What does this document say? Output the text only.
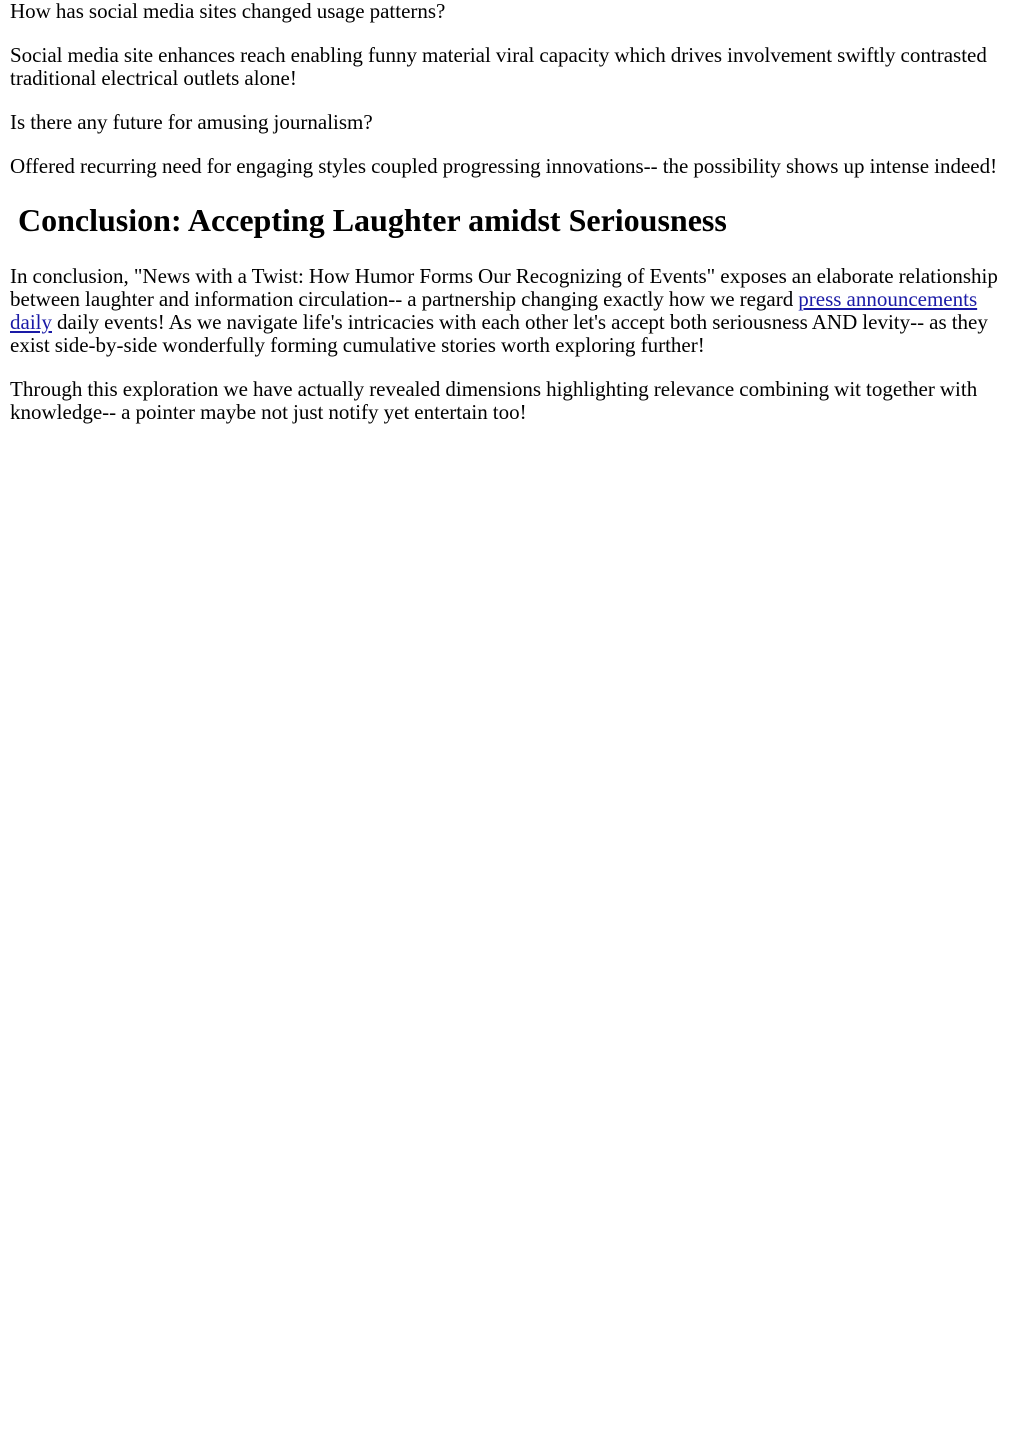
How has social media sites changed usage patterns?

Social media site enhances reach enabling funny material viral capacity which drives involvement swiftly contrasted traditional electrical outlets alone!

Is there any future for amusing journalism?

Offered recurring need for engaging styles coupled progressing innovations-- the possibility shows up intense indeed!

Conclusion: Accepting Laughter amidst Seriousness

In conclusion, "News with a Twist: How Humor Forms Our Recognizing of Events" exposes an elaborate relationship between laughter and information circulation-- a partnership changing exactly how we regard press announcements daily daily events! As we navigate life's intricacies with each other let's accept both seriousness AND levity-- as they exist side-by-side wonderfully forming cumulative stories worth exploring further!

Through this exploration we have actually revealed dimensions highlighting relevance combining wit together with knowledge-- a pointer maybe not just notify yet entertain too!
